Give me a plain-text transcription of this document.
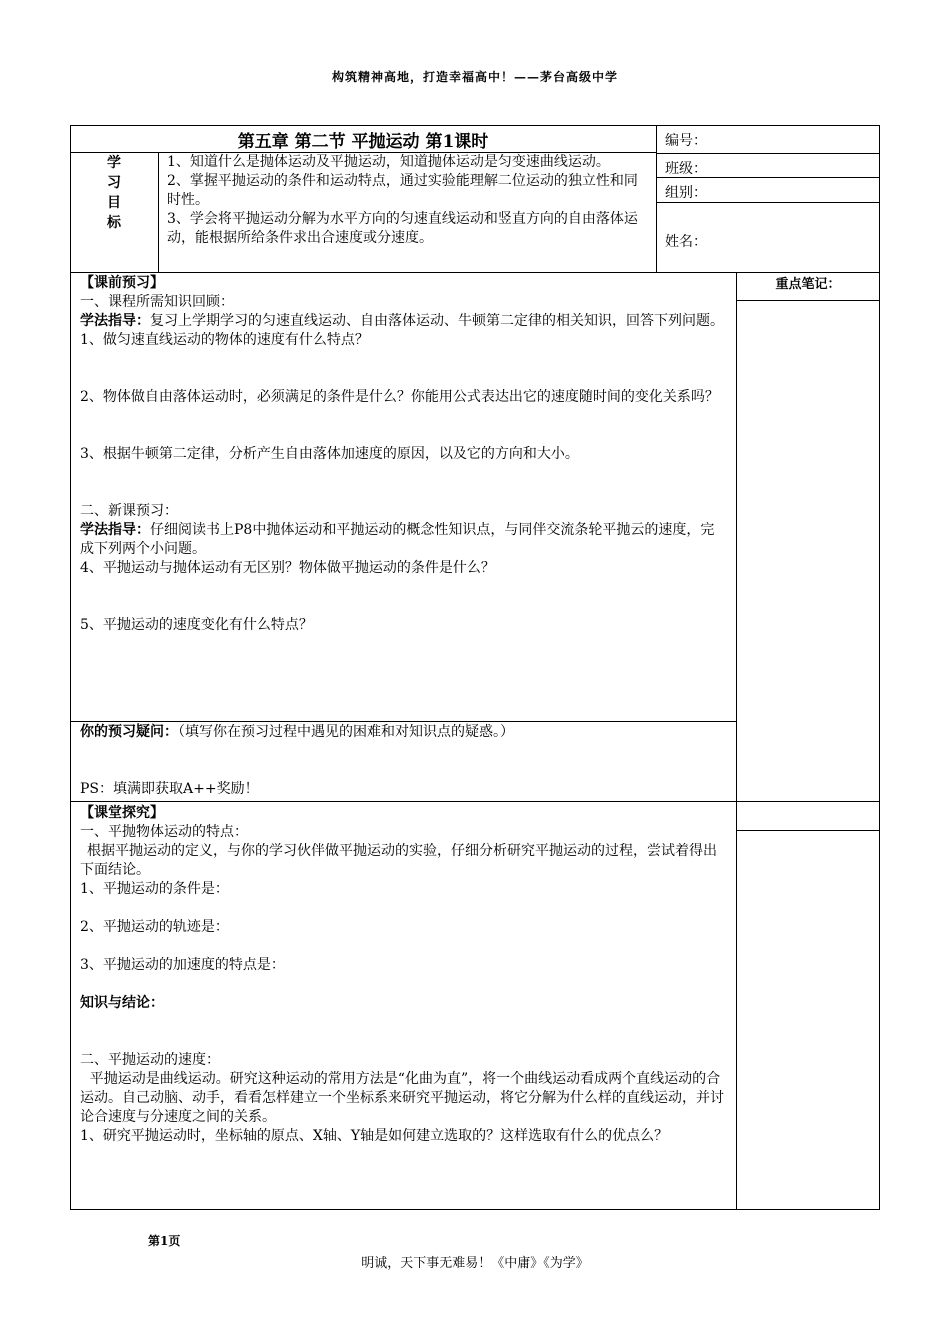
构筑精神高地，打造幸福高中！——茅台高级中学
第五章 第二节 平抛运动 第1课时	编号：
班级：
组别：
姓名：
学
习
目
标

1、知道什么是抛体运动及平抛运动，知道抛体运动是匀变速曲线运动。

2、掌握平抛运动的条件和运动特点，通过实验能理解二位运动的独立性和同时性。

3、学会将平抛运动分解为水平方向的匀速直线运动和竖直方向的自由落体运动，能根据所给条件求出合速度或分速度。

重点笔记：

【课前预习】

一、课程所需知识回顾：

学法指导：复习上学期学习的匀速直线运动、自由落体运动、牛顿第二定律的相关知识，回答下列问题。

1、做匀速直线运动的物体的速度有什么特点？

2、物体做自由落体运动时，必须满足的条件是什么？你能用公式表达出它的速度随时间的变化关系吗？

3、根据牛顿第二定律，分析产生自由落体加速度的原因，以及它的方向和大小。

二、新课预习：

学法指导：仔细阅读书上P8中抛体运动和平抛运动的概念性知识点，与同伴交流条轮平抛云的速度，完成下列两个小问题。

4、平抛运动与抛体运动有无区别？物体做平抛运动的条件是什么？

5、平抛运动的速度变化有什么特点？

你的预习疑问：（填写你在预习过程中遇见的困难和对知识点的疑惑。）

PS：填满即获取A++奖励！

【课堂探究】

一、平抛物体运动的特点：

根据平抛运动的定义，与你的学习伙伴做平抛运动的实验，仔细分析研究平抛运动的过程，尝试着得出下面结论。

1、平抛运动的条件是：

2、平抛运动的轨迹是：

3、平抛运动的加速度的特点是：

知识与结论：

二、平抛运动的速度：

平抛运动是曲线运动。研究这种运动的常用方法是“化曲为直”，将一个曲线运动看成两个直线运动的合运动。自己动脑、动手，看看怎样建立一个坐标系来研究平抛运动，将它分解为什么样的直线运动，并讨论合速度与分速度之间的关系。

1、研究平抛运动时，坐标轴的原点、X轴、Y轴是如何建立选取的？这样选取有什么的优点么？

第1页
明诚，天下事无难易！《中庸》《为学》
